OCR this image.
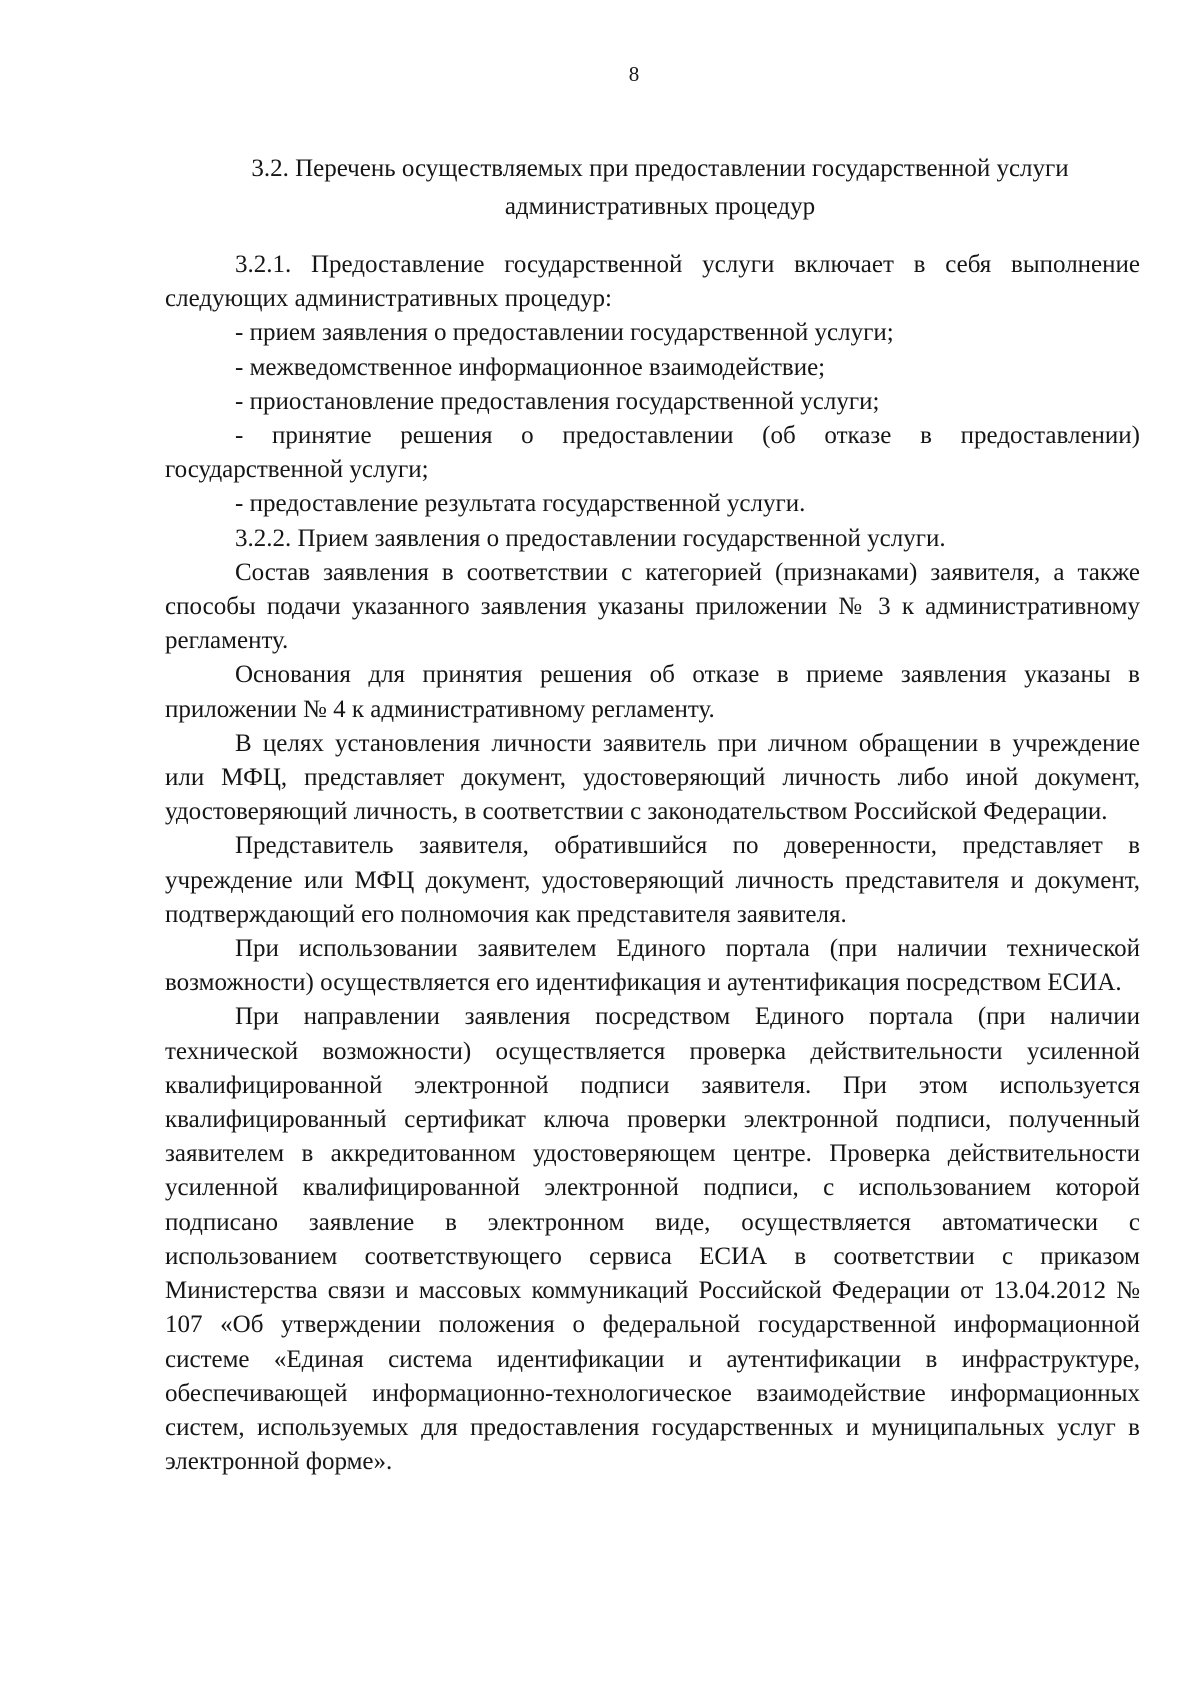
8
3.2. Перечень осуществляемых при предоставлении государственной услуги
административных процедур

3.2.1. Предоставление государственной услуги включает в себя выполнение следующих административных процедур:

- прием заявления о предоставлении государственной услуги;

- межведомственное информационное взаимодействие;

- приостановление предоставления государственной услуги;

- принятие решения о предоставлении (об отказе в предоставлении) государственной услуги;

- предоставление результата государственной услуги.

3.2.2. Прием заявления о предоставлении государственной услуги.

Состав заявления в соответствии с категорией (признаками) заявителя, а также способы подачи указанного заявления указаны приложении № 3 к административному регламенту.

Основания для принятия решения об отказе в приеме заявления указаны в приложении № 4 к административному регламенту.

В целях установления личности заявитель при личном обращении в учреждение или МФЦ, представляет документ, удостоверяющий личность либо иной документ, удостоверяющий личность, в соответствии с законодательством Российской Федерации.

Представитель заявителя, обратившийся по доверенности, представляет в учреждение или МФЦ документ, удостоверяющий личность представителя и документ, подтверждающий его полномочия как представителя заявителя.

При использовании заявителем Единого портала (при наличии технической возможности) осуществляется его идентификация и аутентификация посредством ЕСИА.

При направлении заявления посредством Единого портала (при наличии технической возможности) осуществляется проверка действительности усиленной квалифицированной электронной подписи заявителя. При этом используется квалифицированный сертификат ключа проверки электронной подписи, полученный заявителем в аккредитованном удостоверяющем центре. Проверка действительности усиленной квалифицированной электронной подписи, с использованием которой подписано заявление в электронном виде, осуществляется автоматически с использованием соответствующего сервиса ЕСИА в соответствии с приказом Министерства связи и массовых коммуникаций Российской Федерации от 13.04.2012 № 107 «Об утверждении положения о федеральной государственной информационной системе «Единая система идентификации и аутентификации в инфраструктуре, обеспечивающей информационно-технологическое взаимодействие информационных систем, используемых для предоставления государственных и муниципальных услуг в электронной форме».
